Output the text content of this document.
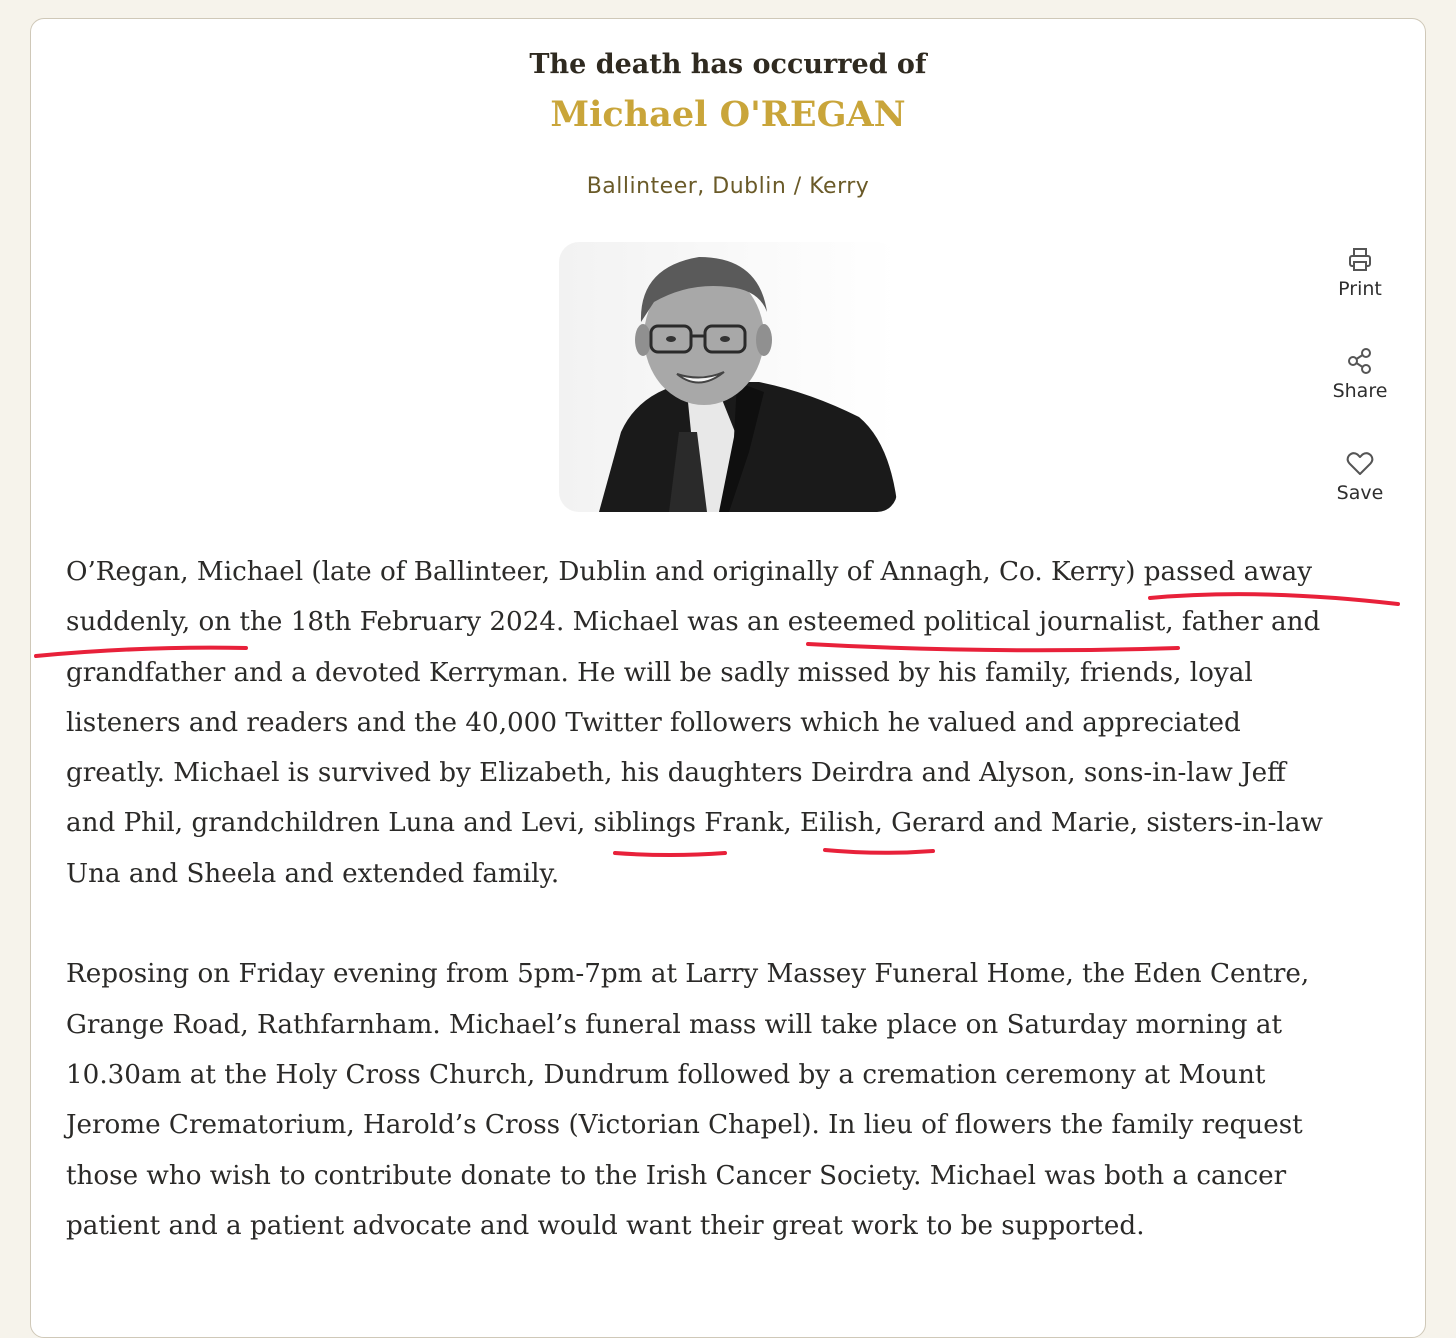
The death has occurred of
Michael O'REGAN
Ballinteer, Dublin / Kerry
Print
Share
Save
O’Regan, Michael (late of Ballinteer, Dublin and originally of Annagh, Co. Kerry) passed away
suddenly, on the 18th February 2024. Michael was an esteemed political journalist, father and
grandfather and a devoted Kerryman. He will be sadly missed by his family, friends, loyal
listeners and readers and the 40,000 Twitter followers which he valued and appreciated
greatly. Michael is survived by Elizabeth, his daughters Deirdra and Alyson, sons-in-law Jeff
and Phil, grandchildren Luna and Levi, siblings Frank, Eilish, Gerard and Marie, sisters-in-law
Una and Sheela and extended family.
Reposing on Friday evening from 5pm-7pm at Larry Massey Funeral Home, the Eden Centre,
Grange Road, Rathfarnham. Michael’s funeral mass will take place on Saturday morning at
10.30am at the Holy Cross Church, Dundrum followed by a cremation ceremony at Mount
Jerome Crematorium, Harold’s Cross (Victorian Chapel). In lieu of flowers the family request
those who wish to contribute donate to the Irish Cancer Society. Michael was both a cancer
patient and a patient advocate and would want their great work to be supported.
